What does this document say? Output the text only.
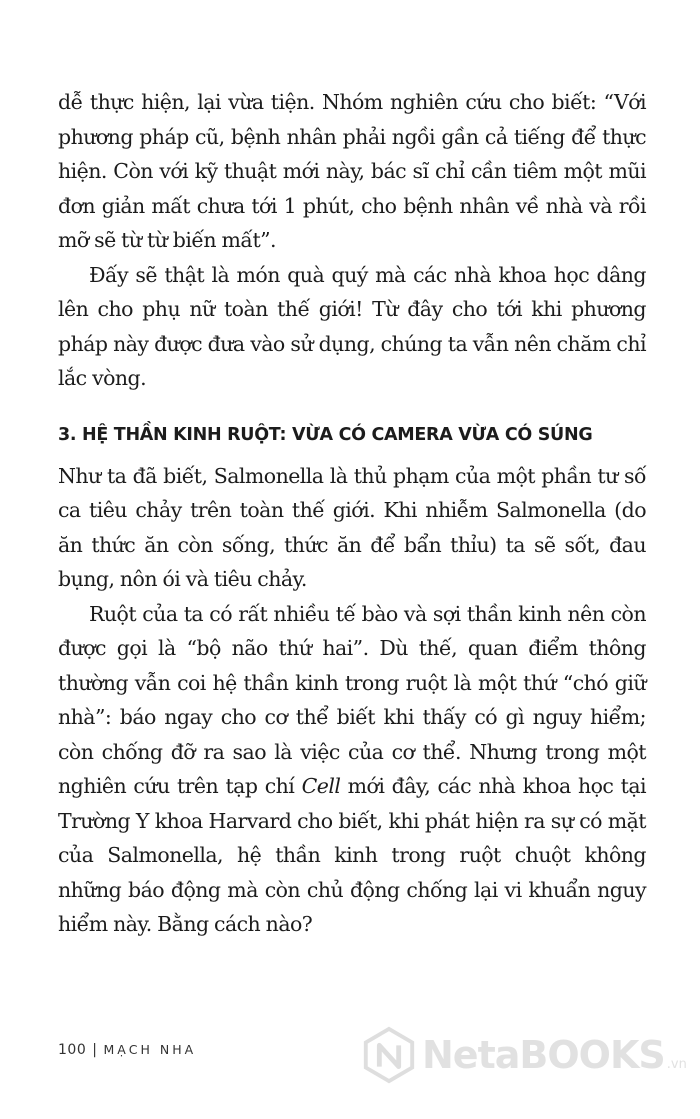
dễ thực hiện, lại vừa tiện. Nhóm nghiên cứu cho biết: “Với phương pháp cũ, bệnh nhân phải ngồi gần cả tiếng để thực hiện. Còn với kỹ thuật mới này, bác sĩ chỉ cần tiêm một mũi đơn giản mất chưa tới 1 phút, cho bệnh nhân về nhà và rồi mỡ sẽ từ từ biến mất”.

Đấy sẽ thật là món quà quý mà các nhà khoa học dâng lên cho phụ nữ toàn thế giới! Từ đây cho tới khi phương pháp này được đưa vào sử dụng, chúng ta vẫn nên chăm chỉ lắc vòng.

3. HỆ THẦN KINH RUỘT: VỪA CÓ CAMERA VỪA CÓ SÚNG

Như ta đã biết, Salmonella là thủ phạm của một phần tư số ca tiêu chảy trên toàn thế giới. Khi nhiễm Salmonella (do ăn thức ăn còn sống, thức ăn để bẩn thỉu) ta sẽ sốt, đau bụng, nôn ói và tiêu chảy.

Ruột của ta có rất nhiều tế bào và sợi thần kinh nên còn được gọi là “bộ não thứ hai”. Dù thế, quan điểm thông thường vẫn coi hệ thần kinh trong ruột là một thứ “chó giữ nhà”: báo ngay cho cơ thể biết khi thấy có gì nguy hiểm; còn chống đỡ ra sao là việc của cơ thể. Nhưng trong một nghiên cứu trên tạp chí Cell mới đây, các nhà khoa học tại Trường Y khoa Harvard cho biết, khi phát hiện ra sự có mặt của Salmonella, hệ thần kinh trong ruột chuột không những báo động mà còn chủ động chống lại vi khuẩn nguy hiểm này. Bằng cách nào?

100 | MẠCH NHA	NetaBOOKS .vn
